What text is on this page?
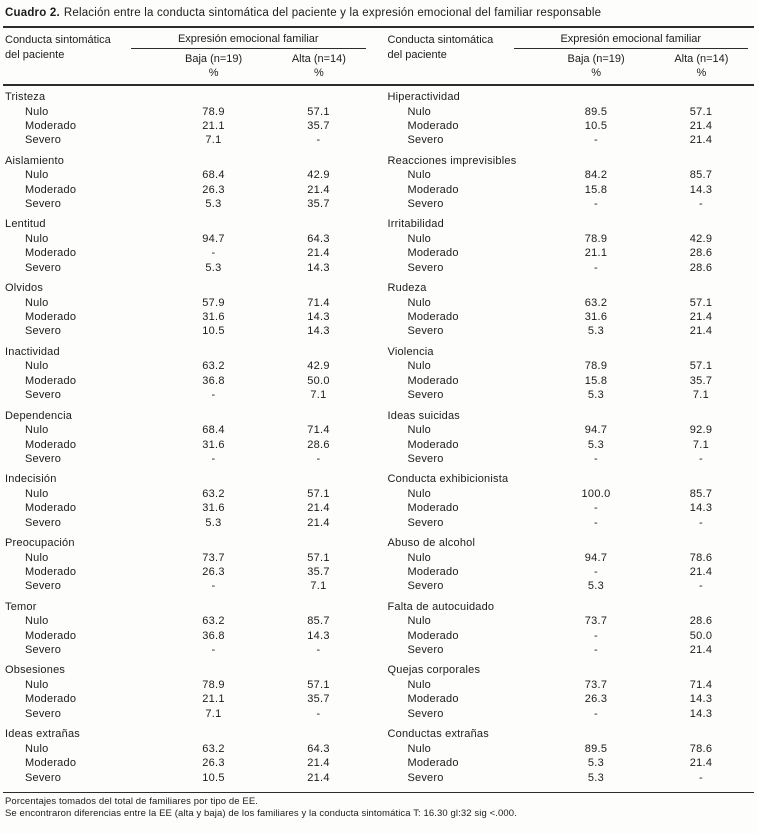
Cuadro 2. Relación entre la conducta sintomática del paciente y la expresión emocional del familiar responsable
Conducta sintomática
del paciente
Expresión emocional familiar
Baja (n=19)
%
Alta (n=14)
%
Conducta sintomática
del paciente
Expresión emocional familiar
Baja (n=19)
%
Alta (n=14)
%
Tristeza
Nulo	78.9	57.1
Moderado	21.1	35.7
Severo	7.1	-
Aislamiento
Nulo	68.4	42.9
Moderado	26.3	21.4
Severo	5.3	35.7
Lentitud
Nulo	94.7	64.3
Moderado	-	21.4
Severo	5.3	14.3
Olvidos
Nulo	57.9	71.4
Moderado	31.6	14.3
Severo	10.5	14.3
Inactividad
Nulo	63.2	42.9
Moderado	36.8	50.0
Severo	-	7.1
Dependencia
Nulo	68.4	71.4
Moderado	31.6	28.6
Severo	-	-
Indecisión
Nulo	63.2	57.1
Moderado	31.6	21.4
Severo	5.3	21.4
Preocupación
Nulo	73.7	57.1
Moderado	26.3	35.7
Severo	-	7.1
Temor
Nulo	63.2	85.7
Moderado	36.8	14.3
Severo	-	-
Obsesiones
Nulo	78.9	57.1
Moderado	21.1	35.7
Severo	7.1	-
Ideas extrañas
Nulo	63.2	64.3
Moderado	26.3	21.4
Severo	10.5	21.4
Hiperactividad
Nulo	89.5	57.1
Moderado	10.5	21.4
Severo	-	21.4
Reacciones imprevisibles
Nulo	84.2	85.7
Moderado	15.8	14.3
Severo	-	-
Irritabilidad
Nulo	78.9	42.9
Moderado	21.1	28.6
Severo	-	28.6
Rudeza
Nulo	63.2	57.1
Moderado	31.6	21.4
Severo	5.3	21.4
Violencia
Nulo	78.9	57.1
Moderado	15.8	35.7
Severo	5.3	7.1
Ideas suicidas
Nulo	94.7	92.9
Moderado	5.3	7.1
Severo	-	-
Conducta exhibicionista
Nulo	100.0	85.7
Moderado	-	14.3
Severo	-	-
Abuso de alcohol
Nulo	94.7	78.6
Moderado	-	21.4
Severo	5.3	-
Falta de autocuidado
Nulo	73.7	28.6
Moderado	-	50.0
Severo	-	21.4
Quejas corporales
Nulo	73.7	71.4
Moderado	26.3	14.3
Severo	-	14.3
Conductas extrañas
Nulo	89.5	78.6
Moderado	5.3	21.4
Severo	5.3	-
Porcentajes tomados del total de familiares por tipo de EE.
Se encontraron diferencias entre la EE (alta y baja) de los familiares y la conducta sintomática T: 16.30 gl:32 sig <.000.
